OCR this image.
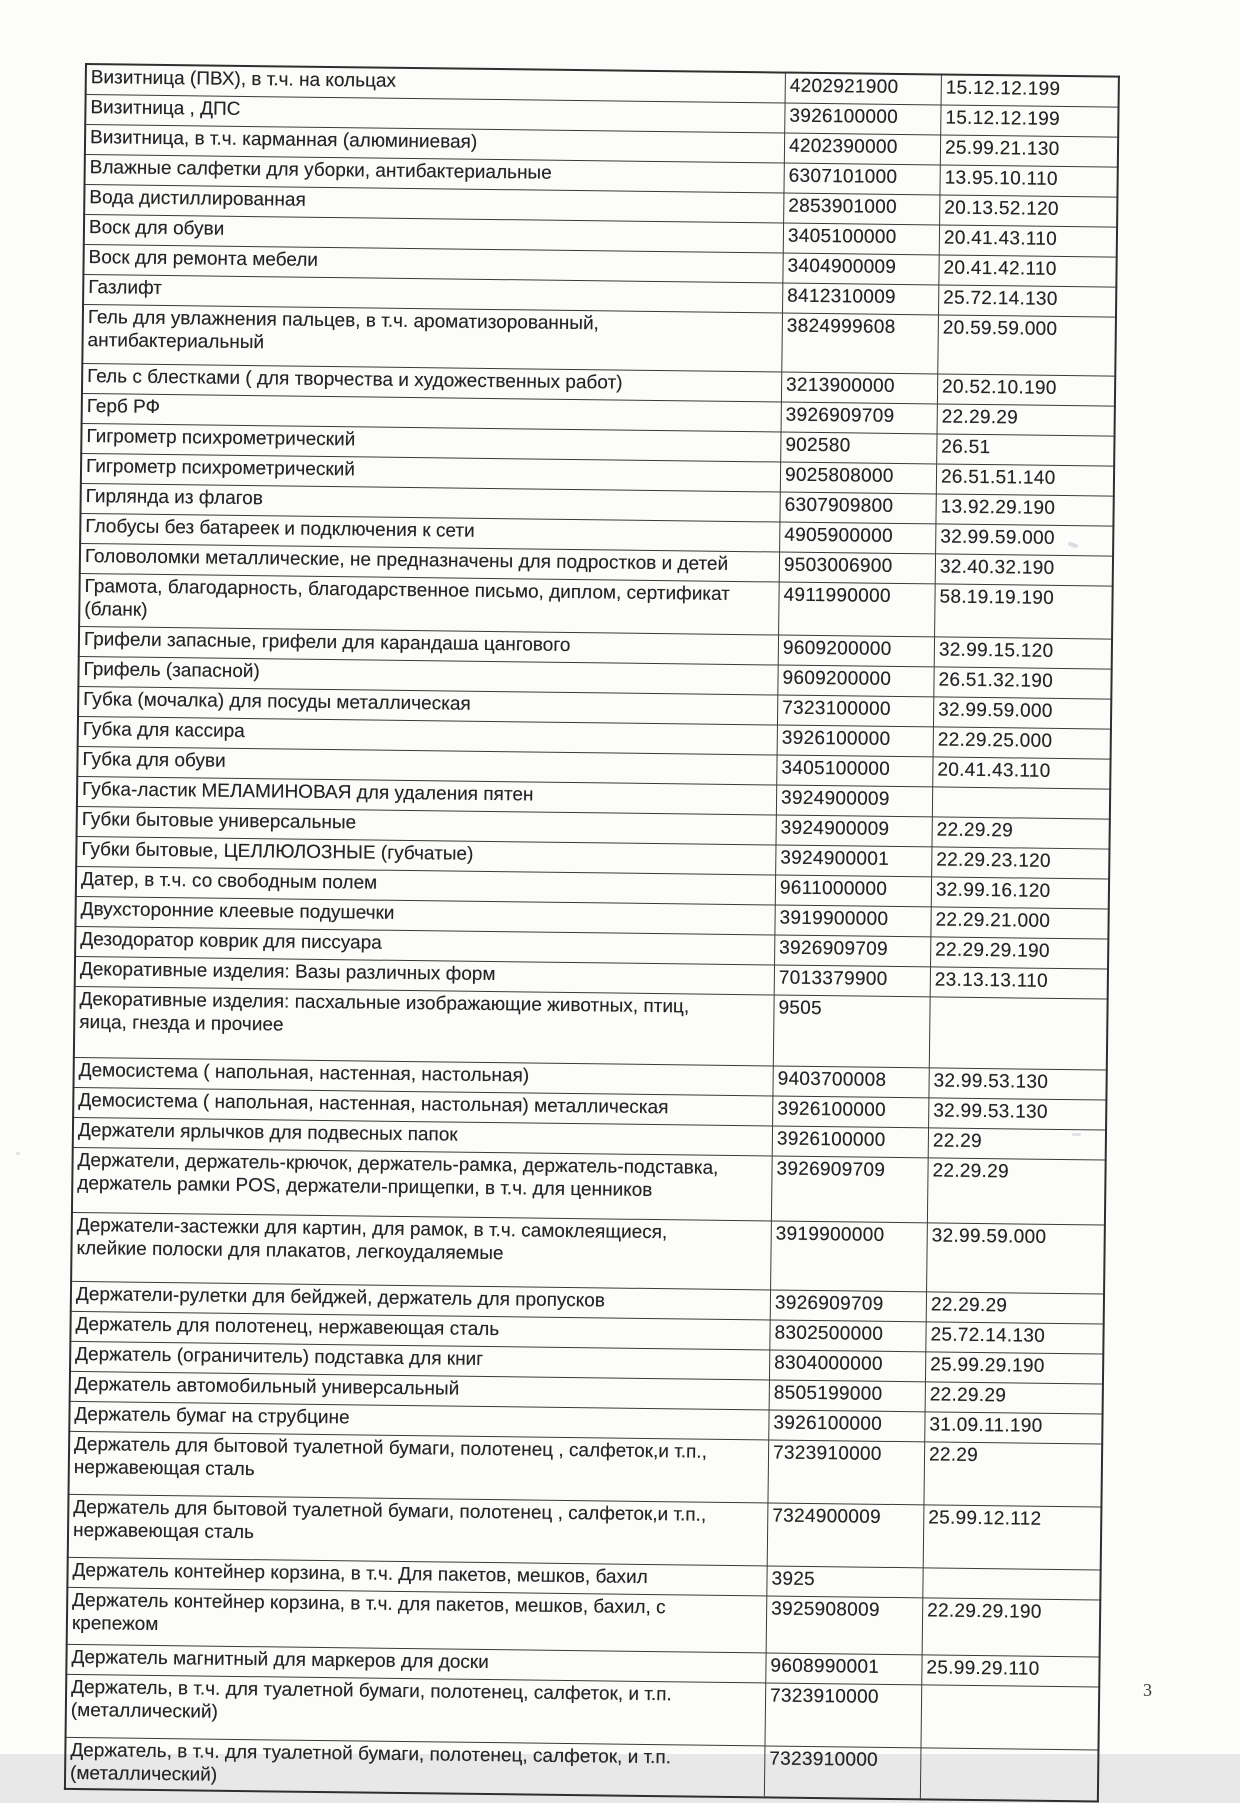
Визитница (ПВХ), в т.ч. на кольцах	4202921900	15.12.12.199
Визитница , ДПС	3926100000	15.12.12.199
Визитница, в т.ч. карманная (алюминиевая)	4202390000	25.99.21.130
Влажные салфетки для уборки, антибактериальные	6307101000	13.95.10.110
Вода дистиллированная	2853901000	20.13.52.120
Воск для обуви	3405100000	20.41.43.110
Воск для ремонта мебели	3404900009	20.41.42.110
Газлифт	8412310009	25.72.14.130
Гель для увлажнения пальцев, в т.ч. ароматизорованный,
антибактериальный	3824999608	20.59.59.000
Гель с блестками ( для творчества и художественных работ)	3213900000	20.52.10.190
Герб РФ	3926909709	22.29.29
Гигрометр психрометрический	902580	26.51
Гигрометр психрометрический	9025808000	26.51.51.140
Гирлянда из флагов	6307909800	13.92.29.190
Глобусы без батареек и подключения к сети	4905900000	32.99.59.000
Головоломки металлические, не предназначены для подростков и детей	9503006900	32.40.32.190
Грамота, благодарность, благодарственное письмо, диплом, сертификат
(бланк)	4911990000	58.19.19.190
Грифели запасные, грифели для карандаша цангового	9609200000	32.99.15.120
Грифель (запасной)	9609200000	26.51.32.190
Губка (мочалка) для посуды металлическая	7323100000	32.99.59.000
Губка для кассира	3926100000	22.29.25.000
Губка для обуви	3405100000	20.41.43.110
Губка-ластик МЕЛАМИНОВАЯ для удаления пятен	3924900009	
Губки бытовые универсальные	3924900009	22.29.29
Губки бытовые, ЦЕЛЛЮЛОЗНЫЕ (губчатые)	3924900001	22.29.23.120
Датер, в т.ч. со свободным полем	9611000000	32.99.16.120
Двухсторонние клеевые подушечки	3919900000	22.29.21.000
Дезодоратор коврик для писсуара	3926909709	22.29.29.190
Декоративные изделия: Вазы различных форм	7013379900	23.13.13.110
Декоративные изделия: пасхальные изображающие животных, птиц,
яица, гнезда и прочиее	9505	
Демосистема ( напольная, настенная, настольная)	9403700008	32.99.53.130
Демосистема ( напольная, настенная, настольная) металлическая	3926100000	32.99.53.130
Держатели ярлычков для подвесных папок	3926100000	22.29
Держатели, держатель-крючок, держатель-рамка, держатель-подставка,
держатель рамки POS, держатели-прищепки, в т.ч. для ценников	3926909709	22.29.29
Держатели-застежки для картин, для рамок, в т.ч. самоклеящиеся,
клейкие полоски для плакатов, легкоудаляемые	3919900000	32.99.59.000
Держатели-рулетки для бейджей, держатель для пропусков	3926909709	22.29.29
Держатель для полотенец, нержавеющая сталь	8302500000	25.72.14.130
Держатель (ограничитель) подставка для книг	8304000000	25.99.29.190
Держатель автомобильный универсальный	8505199000	22.29.29
Держатель бумаг на струбцине	3926100000	31.09.11.190
Держатель для бытовой туалетной бумаги, полотенец , салфеток,и т.п.,
нержавеющая сталь	7323910000	22.29
Держатель для бытовой туалетной бумаги, полотенец , салфеток,и т.п.,
нержавеющая сталь	7324900009	25.99.12.112
Держатель контейнер корзина, в т.ч. Для пакетов, мешков, бахил	3925	
Держатель контейнер корзина, в т.ч. для пакетов, мешков, бахил, с
крепежом	3925908009	22.29.29.190
Держатель магнитный для маркеров для доски	9608990001	25.99.29.110
Держатель, в т.ч. для туалетной бумаги, полотенец, салфеток, и т.п.
(металлический)	7323910000	
Держатель, в т.ч. для туалетной бумаги, полотенец, салфеток, и т.п.
(металлический)	7323910000	
3
